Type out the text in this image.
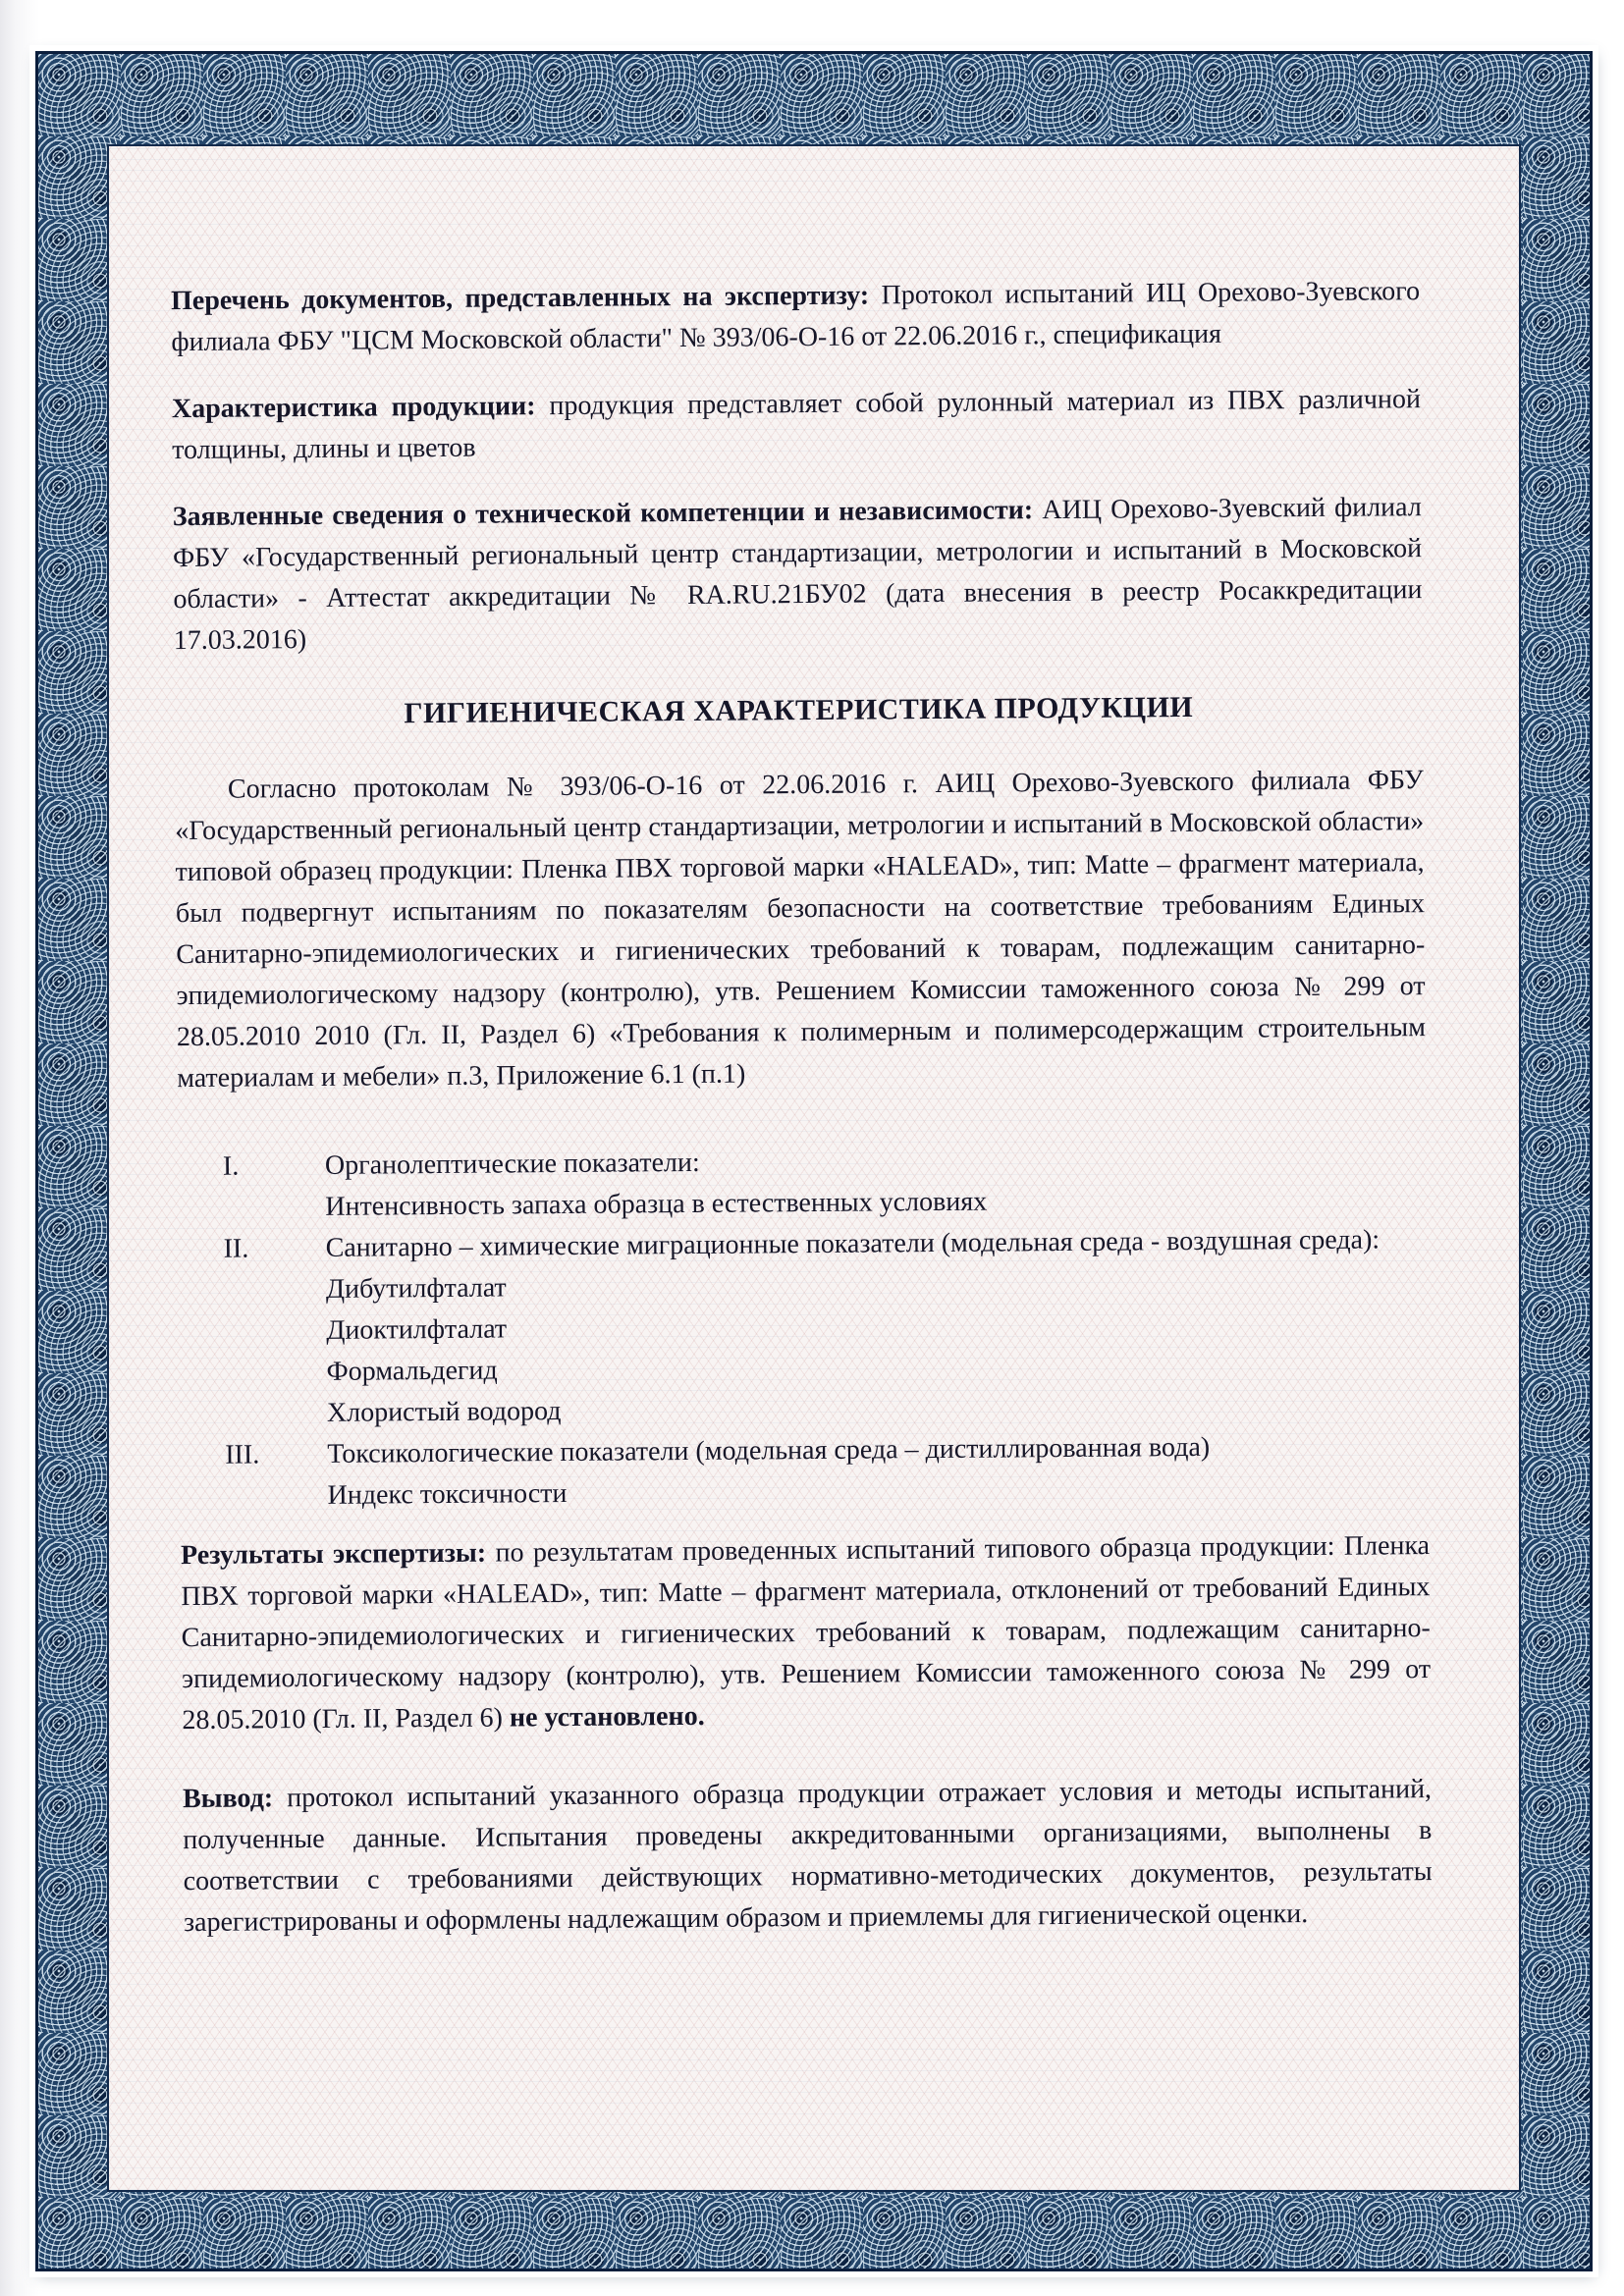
Перечень документов, представленных на экспертизу: Протокол испытаний ИЦ Орехово-Зуевского филиала ФБУ "ЦСМ Московской области" № 393/06-О-16 от 22.06.2016 г., спецификация

Характеристика продукции: продукция представляет собой рулонный материал из ПВХ различной толщины, длины и цветов

Заявленные сведения о технической компетенции и независимости: АИЦ Орехово-Зуевский филиал ФБУ «Государственный региональный центр стандартизации, метрологии и испытаний в Московской области» - Аттестат аккредитации № RA.RU.21БУ02 (дата внесения в реестр Росаккредитации 17.03.2016)

ГИГИЕНИЧЕСКАЯ ХАРАКТЕРИСТИКА ПРОДУКЦИИ

Согласно протоколам № 393/06-О-16 от 22.06.2016 г. АИЦ Орехово-Зуевского филиала ФБУ «Государственный региональный центр стандартизации, метрологии и испытаний в Московской области» типовой образец продукции: Пленка ПВХ торговой марки «HALEAD», тип: Matte – фрагмент материала, был подвергнут испытаниям по показателям безопасности на соответствие требованиям Единых Санитарно-эпидемиологических и гигиенических требований к товарам, подлежащим санитарно-эпидемиологическому надзору (контролю), утв. Решением Комиссии таможенного союза № 299 от 28.05.2010 2010 (Гл. II, Раздел 6) «Требования к полимерным и полимерсодержащим строительным материалам и мебели» п.3, Приложение 6.1 (п.1)

I.	Органолептические показатели:
Интенсивность запаха образца в естественных условиях
II.	Санитарно – химические миграционные показатели (модельная среда - воздушная среда):
Дибутилфталат
Диоктилфталат
Формальдегид
Хлористый водород
III.	Токсикологические показатели (модельная среда – дистиллированная вода)
Индекс токсичности

Результаты экспертизы: по результатам проведенных испытаний типового образца продукции: Пленка ПВХ торговой марки «HALEAD», тип: Matte – фрагмент материала, отклонений от требований Единых Санитарно-эпидемиологических и гигиенических требований к товарам, подлежащим санитарно-эпидемиологическому надзору (контролю), утв. Решением Комиссии таможенного союза № 299 от 28.05.2010 (Гл. II, Раздел 6) не установлено.

Вывод: протокол испытаний указанного образца продукции отражает условия и методы испытаний, полученные данные. Испытания проведены аккредитованными организациями, выполнены в соответствии с требованиями действующих нормативно-методических документов, результаты зарегистрированы и оформлены надлежащим образом и приемлемы для гигиенической оценки.
